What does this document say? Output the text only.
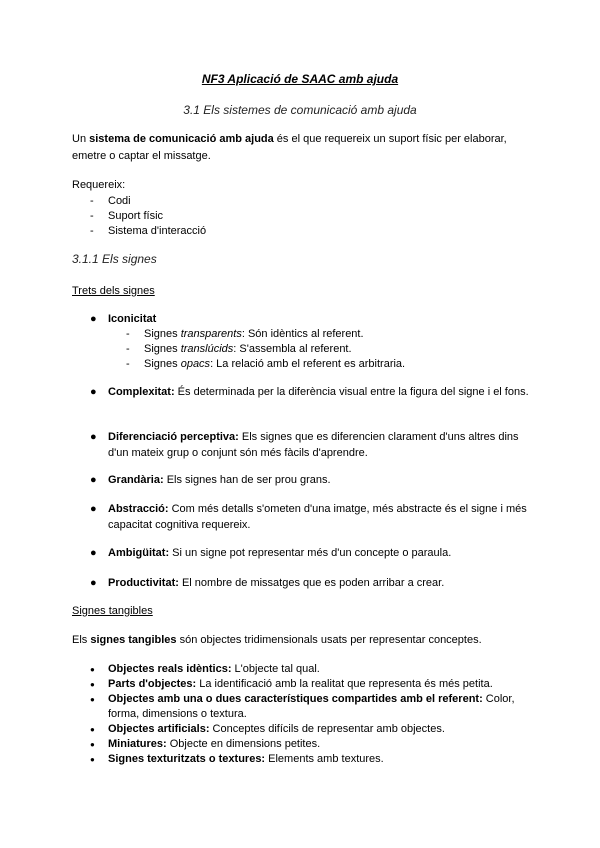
NF3 Aplicació de SAAC amb ajuda
3.1 Els sistemes de comunicació amb ajuda
Un sistema de comunicació amb ajuda és el que requereix un suport físic per elaborar, emetre o captar el missatge.
Requereix:
- Codi
- Suport físic
- Sistema d'interacció
3.1.1 Els signes
Trets dels signes
● Iconicitat
- Signes transparents: Són idèntics al referent.
- Signes translúcids: S'assembla al referent.
- Signes opacs: La relació amb el referent es arbitraria.
● Complexitat: És determinada per la diferència visual entre la figura del signe i el fons.
● Diferenciació perceptiva: Els signes que es diferencien clarament d'uns altres dins d'un mateix grup o conjunt són més fàcils d'aprendre.
● Grandària: Els signes han de ser prou grans.
● Abstracció: Com més detalls s'ometen d'una imatge, més abstracte és el signe i més capacitat cognitiva requereix.
● Ambigüitat: Si un signe pot representar més d'un concepte o paraula.
● Productivitat: El nombre de missatges que es poden arribar a crear.
Signes tangibles
Els signes tangibles són objectes tridimensionals usats per representar conceptes.
● Objectes reals idèntics: L'objecte tal qual.
● Parts d'objectes: La identificació amb la realitat que representa és més petita.
● Objectes amb una o dues característiques compartides amb el referent: Color, forma, dimensions o textura.
● Objectes artificials: Conceptes difícils de representar amb objectes.
● Miniatures: Objecte en dimensions petites.
● Signes texturitzats o textures: Elements amb textures.
